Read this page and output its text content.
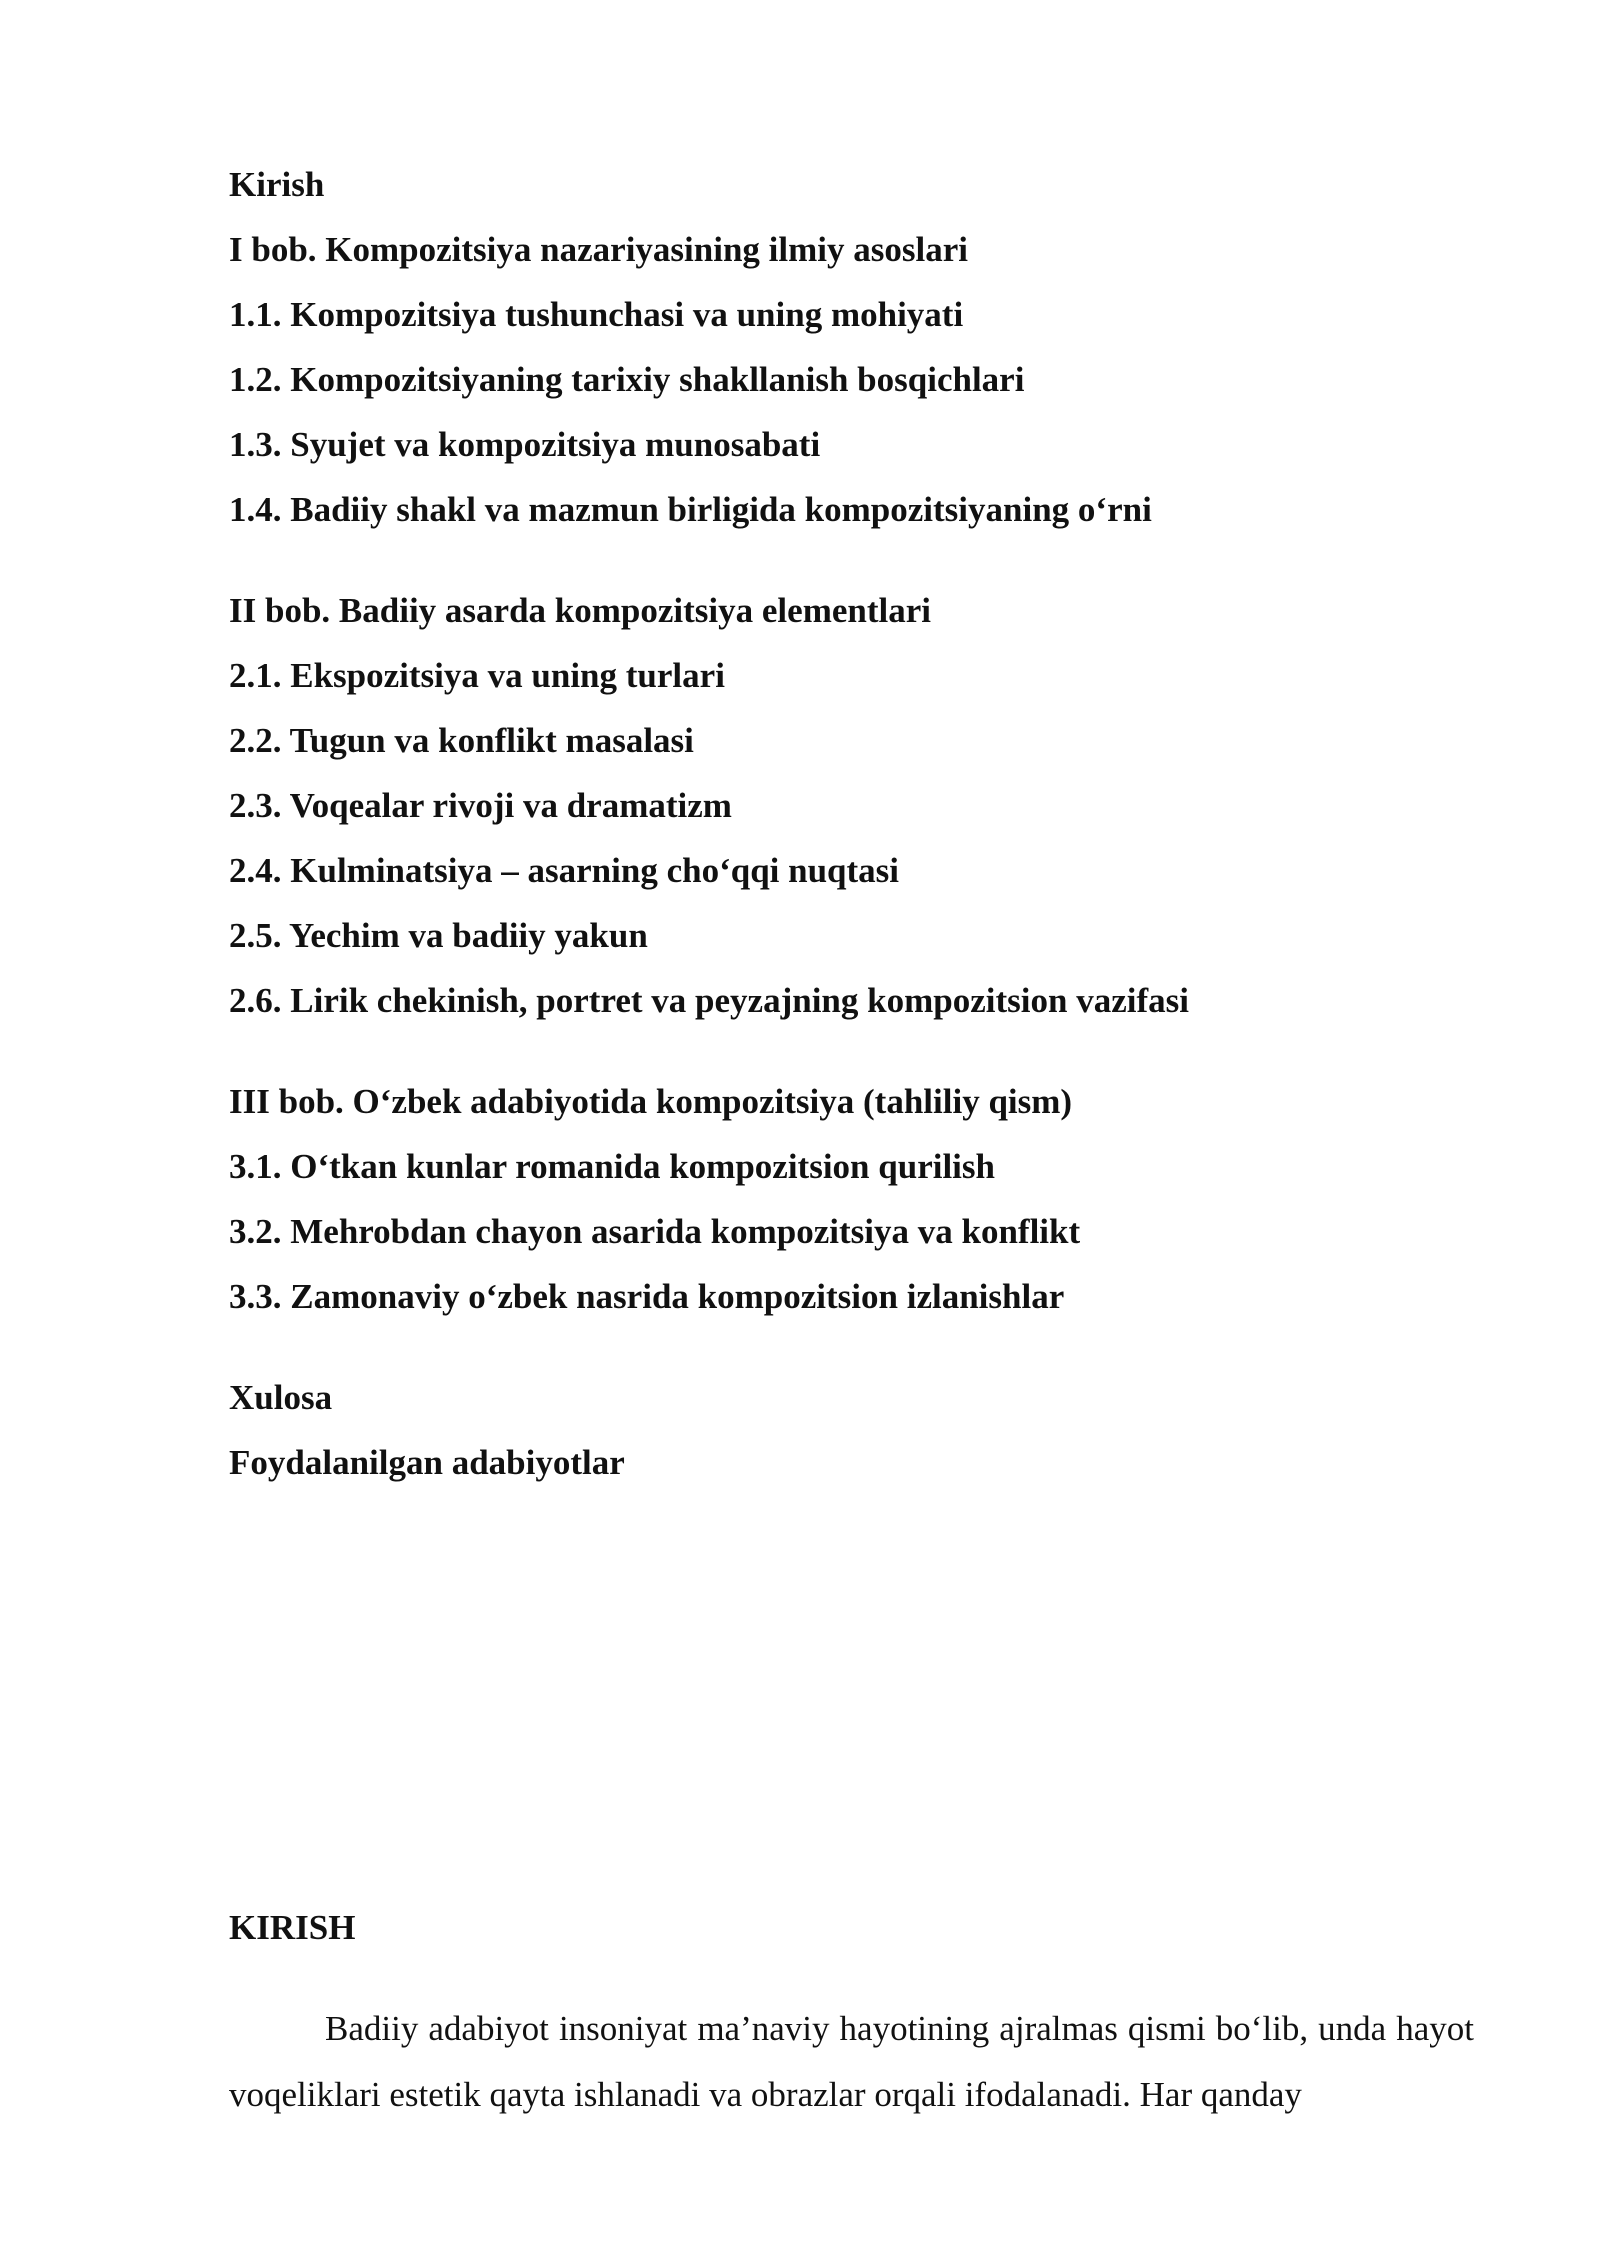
Kirish
I bob. Kompozitsiya nazariyasining ilmiy asoslari
1.1. Kompozitsiya tushunchasi va uning mohiyati
1.2. Kompozitsiyaning tarixiy shakllanish bosqichlari
1.3. Syujet va kompozitsiya munosabati
1.4. Badiiy shakl va mazmun birligida kompozitsiyaning o‘rni
II bob. Badiiy asarda kompozitsiya elementlari
2.1. Ekspozitsiya va uning turlari
2.2. Tugun va konflikt masalasi
2.3. Voqealar rivoji va dramatizm
2.4. Kulminatsiya – asarning cho‘qqi nuqtasi
2.5. Yechim va badiiy yakun
2.6. Lirik chekinish, portret va peyzajning kompozitsion vazifasi
III bob. O‘zbek adabiyotida kompozitsiya (tahliliy qism)
3.1. O‘tkan kunlar romanida kompozitsion qurilish
3.2. Mehrobdan chayon asarida kompozitsiya va konflikt
3.3. Zamonaviy o‘zbek nasrida kompozitsion izlanishlar
Xulosa
Foydalanilgan adabiyotlar
KIRISH

Badiiy adabiyot insoniyat ma’naviy hayotining ajralmas qismi bo‘lib, unda hayot voqeliklari estetik qayta ishlanadi va obrazlar orqali ifodalanadi. Har qanday
